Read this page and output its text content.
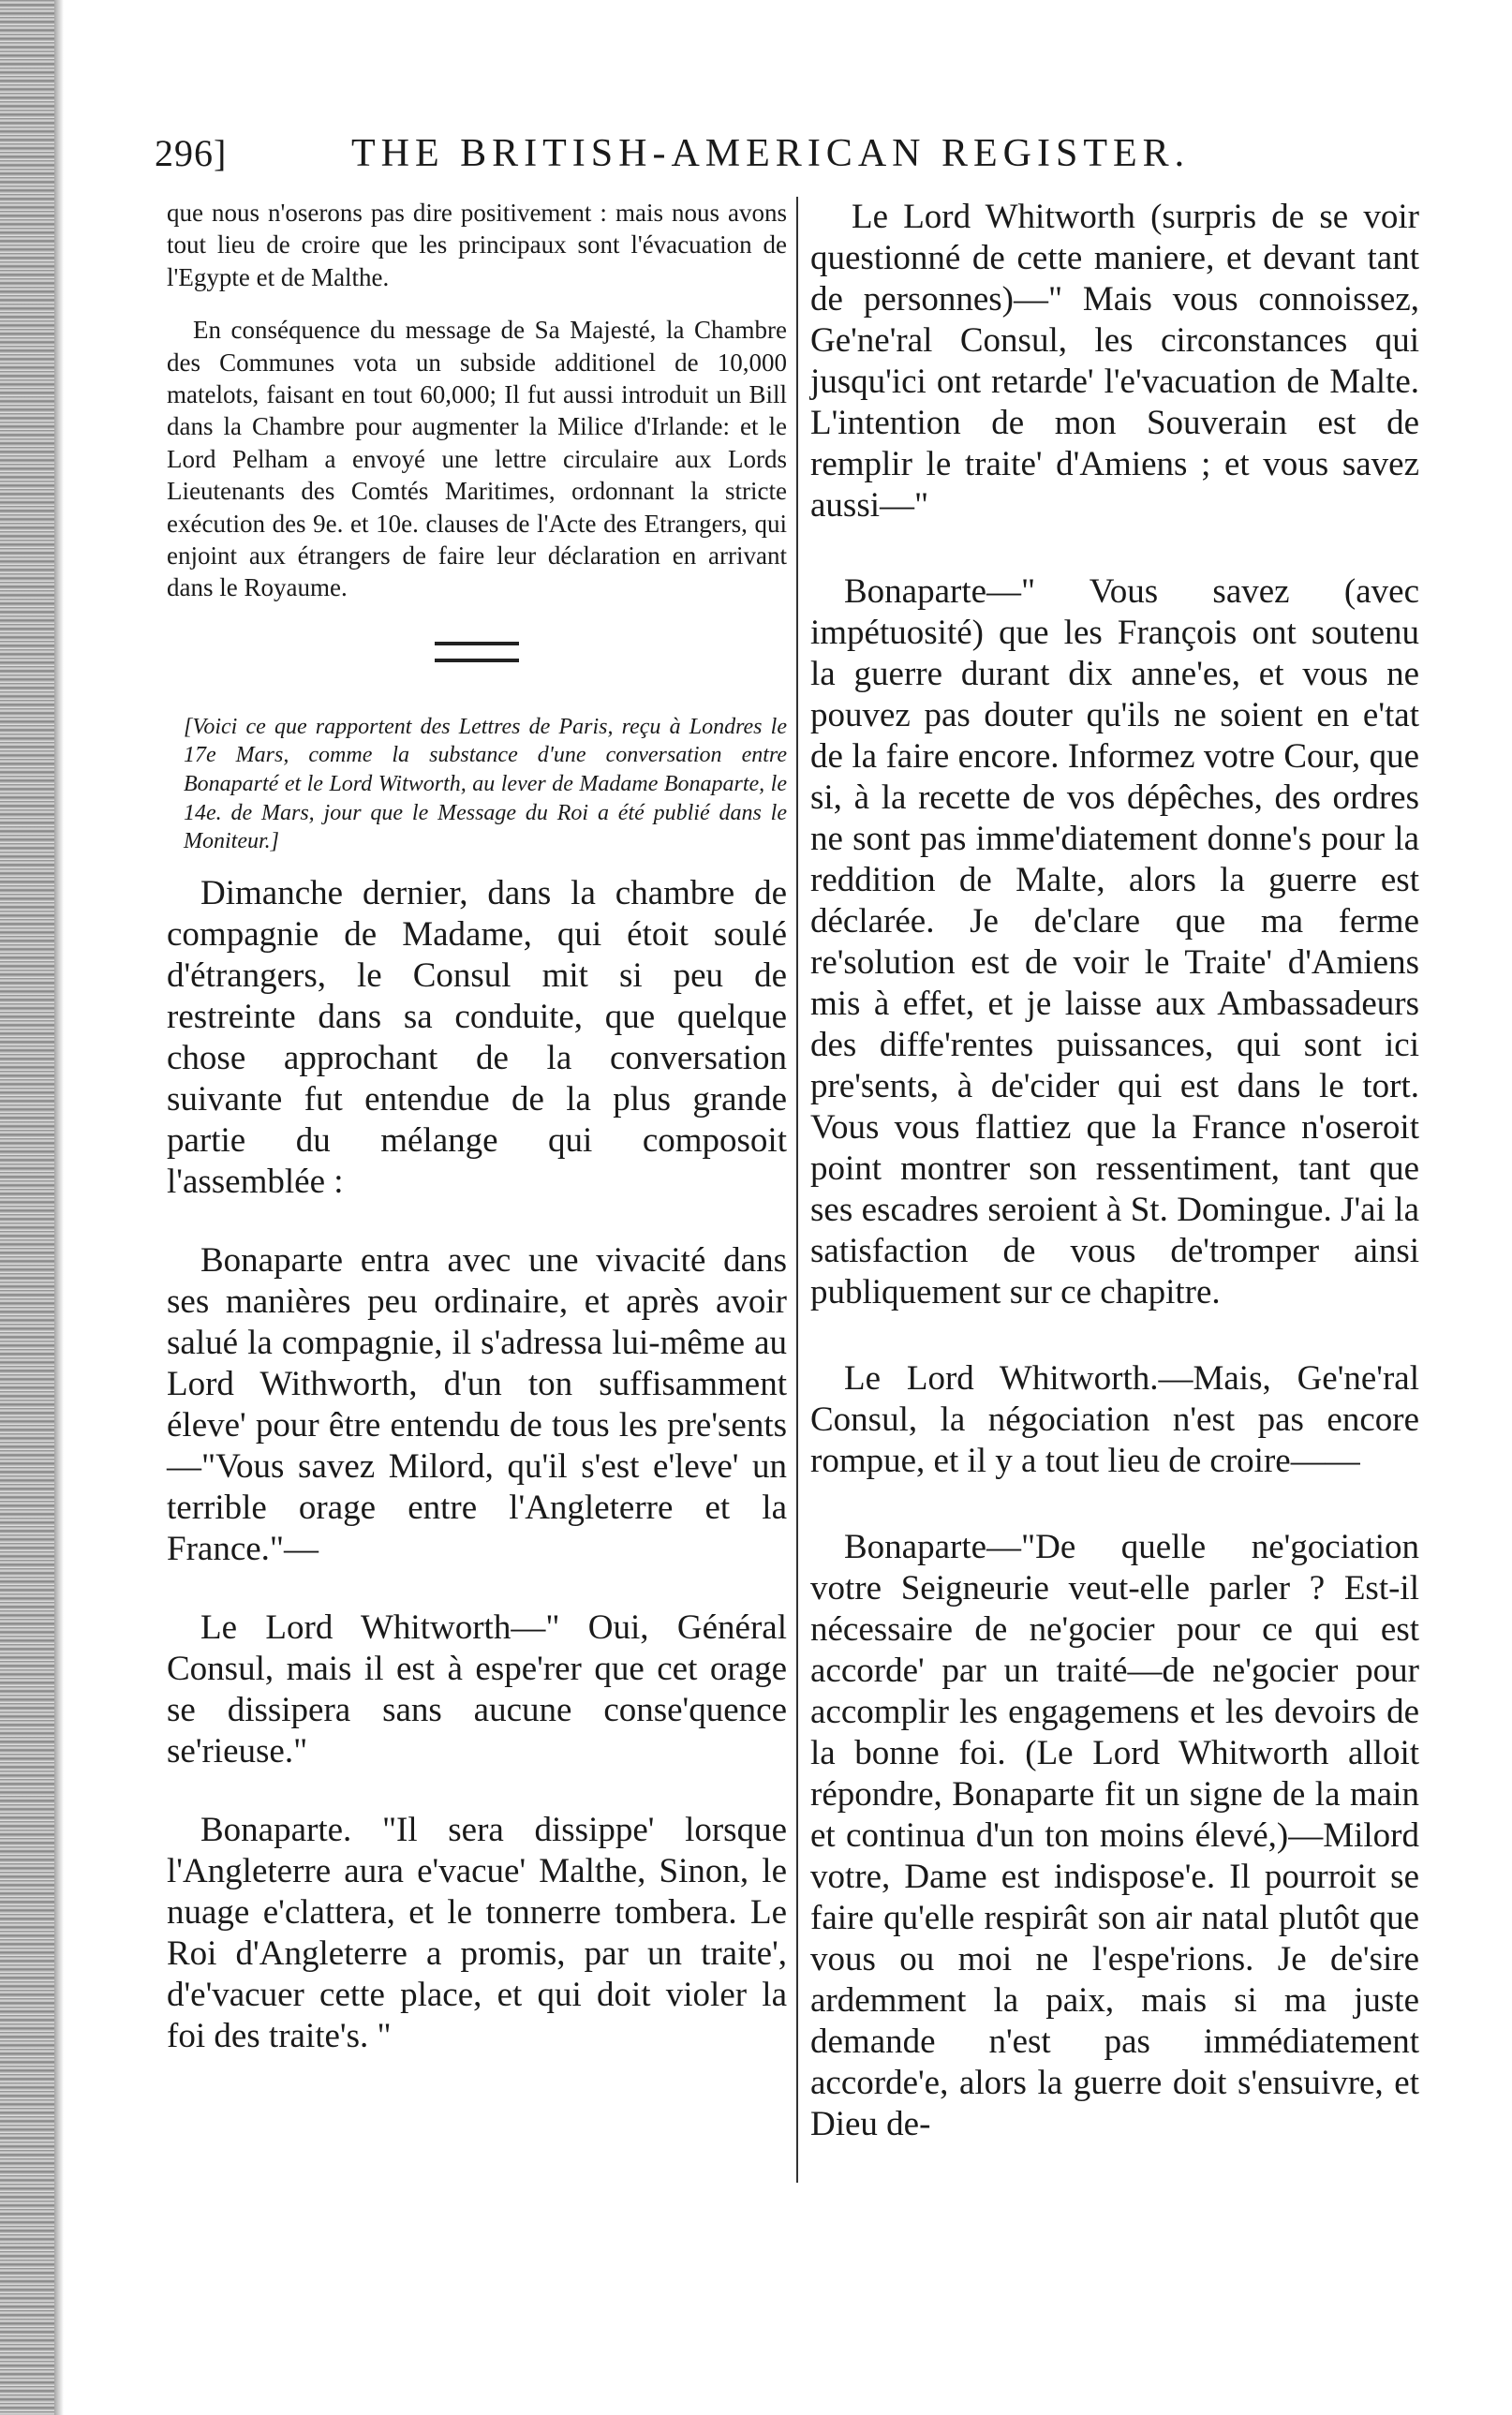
296]	THE BRITISH-AMERICAN REGISTER.

que nous n'oserons pas dire positivement : mais nous avons tout lieu de croire que les principaux sont l'évacuation de l'Egypte et de Malthe.

En conséquence du message de Sa Majesté, la Chambre des Communes vota un subside additionel de 10,000 matelots, faisant en tout 60,000; Il fut aussi introduit un Bill dans la Chambre pour augmenter la Milice d'Irlande: et le Lord Pelham a envoyé une lettre circulaire aux Lords Lieutenants des Comtés Maritimes, ordonnant la stricte exécution des 9e. et 10e. clauses de l'Acte des Etrangers, qui enjoint aux étrangers de faire leur déclaration en arrivant dans le Royaume.

[Voici ce que rapportent des Lettres de Paris, reçu à Londres le 17e Mars, comme la substance d'une conversation entre Bonaparté et le Lord Witworth, au lever de Madame Bonaparte, le 14e. de Mars, jour que le Message du Roi a été publié dans le Moniteur.]

Dimanche dernier, dans la chambre de compagnie de Madame, qui étoit soulé d'étrangers, le Consul mit si peu de restreinte dans sa conduite, que quelque chose approchant de la conversation suivante fut entendue de la plus grande partie du mélange qui composoit l'assemblée :

Bonaparte entra avec une vivacité dans ses manières peu ordinaire, et après avoir salué la compagnie, il s'adressa lui-même au Lord Withworth, d'un ton suffisamment éleve' pour être entendu de tous les pre'sents—"Vous savez Milord, qu'il s'est e'leve' un terrible orage entre l'Angleterre et la France."—

Le Lord Whitworth—" Oui, Général Consul, mais il est à espe'rer que cet orage se dissipera sans aucune conse'quence se'rieuse."

Bonaparte. "Il sera dissippe' lorsque l'Angleterre aura e'vacue' Malthe, Sinon, le nuage e'clattera, et le tonnerre tombera. Le Roi d'Angleterre a promis, par un traite', d'e'vacuer cette place, et qui doit violer la foi des traite's. "

Le Lord Whitworth (surpris de se voir questionné de cette maniere, et devant tant de personnes)—" Mais vous connoissez, Ge'ne'ral Consul, les circonstances qui jusqu'ici ont retarde' l'e'vacuation de Malte. L'intention de mon Souverain est de remplir le traite' d'Amiens ; et vous savez aussi—"

Bonaparte—" Vous savez (avec impétuosité) que les François ont soutenu la guerre durant dix anne'es, et vous ne pouvez pas douter qu'ils ne soient en e'tat de la faire encore. Informez votre Cour, que si, à la recette de vos dépêches, des ordres ne sont pas imme'diatement donne's pour la reddition de Malte, alors la guerre est déclarée. Je de'clare que ma ferme re'solution est de voir le Traite' d'Amiens mis à effet, et je laisse aux Ambassadeurs des diffe'rentes puissances, qui sont ici pre'sents, à de'cider qui est dans le tort. Vous vous flattiez que la France n'oseroit point montrer son ressentiment, tant que ses escadres seroient à St. Domingue. J'ai la satisfaction de vous de'tromper ainsi publiquement sur ce chapitre.

Le Lord Whitworth.—Mais, Ge'ne'ral Consul, la négociation n'est pas encore rompue, et il y a tout lieu de croire——

Bonaparte—"De quelle ne'gociation votre Seigneurie veut-elle parler ? Est-il nécessaire de ne'gocier pour ce qui est accorde' par un traité—de ne'gocier pour accomplir les engagemens et les devoirs de la bonne foi. (Le Lord Whitworth alloit répondre, Bonaparte fit un signe de la main et continua d'un ton moins élevé,)—Milord votre, Dame est indispose'e. Il pourroit se faire qu'elle respirât son air natal plutôt que vous ou moi ne l'espe'rions. Je de'sire ardemment la paix, mais si ma juste demande n'est pas immédiatement accorde'e, alors la guerre doit s'ensuivre, et Dieu de-
